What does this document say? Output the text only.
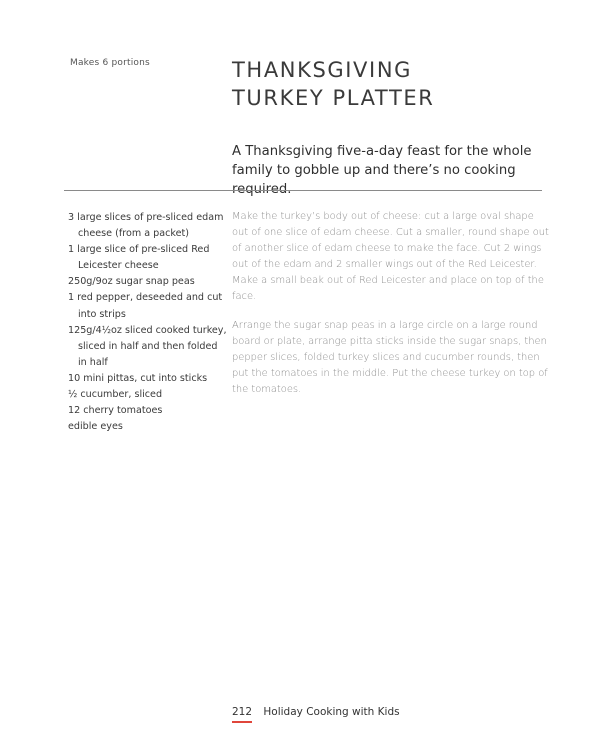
Makes 6 portions	THANKSGIVING
TURKEY PLATTER
A Thanksgiving five-a-day feast for the whole family to gobble up and there’s no cooking required.
3 large slices of pre-sliced edam cheese (from a packet)
1 large slice of pre-sliced Red Leicester cheese
250g/9oz sugar snap peas
1 red pepper, deseeded and cut into strips
125g/4½oz sliced cooked turkey, sliced in half and then folded in half
10 mini pittas, cut into sticks
½ cucumber, sliced
12 cherry tomatoes
edible eyes

Make the turkey’s body out of cheese: cut a large oval shape out of one slice of edam cheese. Cut a smaller, round shape out of another slice of edam cheese to make the face. Cut 2 wings out of the edam and 2 smaller wings out of the Red Leicester. Make a small beak out of Red Leicester and place on top of the face.

Arrange the sugar snap peas in a large circle on a large round board or plate, arrange pitta sticks inside the sugar snaps, then pepper slices, folded turkey slices and cucumber rounds, then put the tomatoes in the middle. Put the cheese turkey on top of the tomatoes.

212 Holiday Cooking with Kids
